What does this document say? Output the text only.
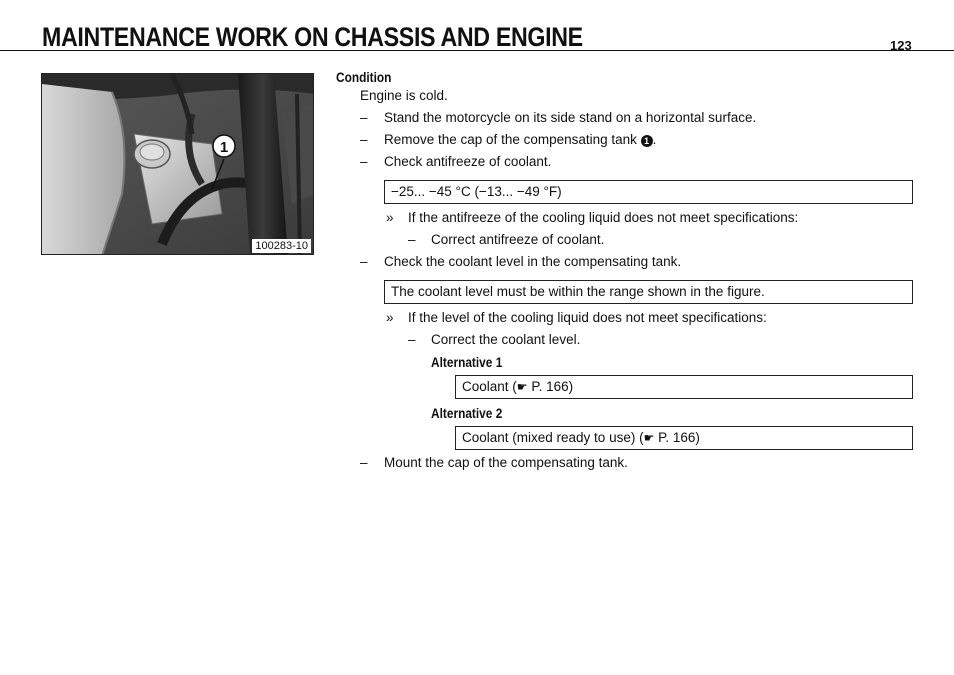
MAINTENANCE WORK ON CHASSIS AND ENGINE	123
1
100283-10
Condition
Engine is cold.
– Stand the motorcycle on its side stand on a horizontal surface.
– Remove the cap of the compensating tank 1 .
– Check antifreeze of coolant.
−25... −45 °C (−13... −49 °F)
» If the antifreeze of the cooling liquid does not meet specifications:
– Correct antifreeze of coolant.
– Check the coolant level in the compensating tank.
The coolant level must be within the range shown in the figure.
» If the level of the cooling liquid does not meet specifications:
– Correct the coolant level.
Alternative 1
Coolant (☛ P. 166)
Alternative 2
Coolant (mixed ready to use) (☛ P. 166)
– Mount the cap of the compensating tank.
